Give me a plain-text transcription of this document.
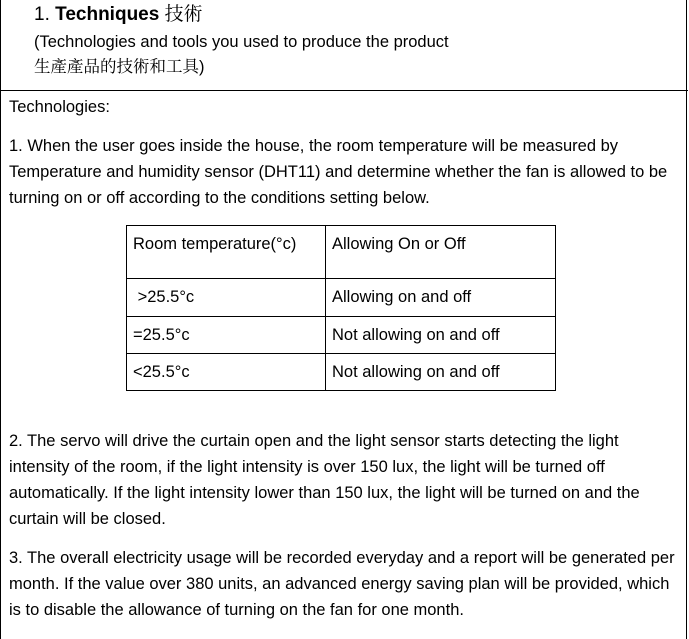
1. Techniques 技術
(Technologies and tools you used to produce the product
生產產品的技術和工具)
Technologies:
1. When the user goes inside the house, the room temperature will be measured by Temperature and humidity sensor (DHT11) and determine whether the fan is allowed to be turning on or off according to the conditions setting below.
Room temperature(°c)	Allowing On or Off
>25.5°c	Allowing on and off
=25.5°c	Not allowing on and off
<25.5°c	Not allowing on and off
2. The servo will drive the curtain open and the light sensor starts detecting the light intensity of the room, if the light intensity is over 150 lux, the light will be turned off automatically. If the light intensity lower than 150 lux, the light will be turned on and the curtain will be closed.
3. The overall electricity usage will be recorded everyday and a report will be generated per month. If the value over 380 units, an advanced energy saving plan will be provided, which is to disable the allowance of turning on the fan for one month.
